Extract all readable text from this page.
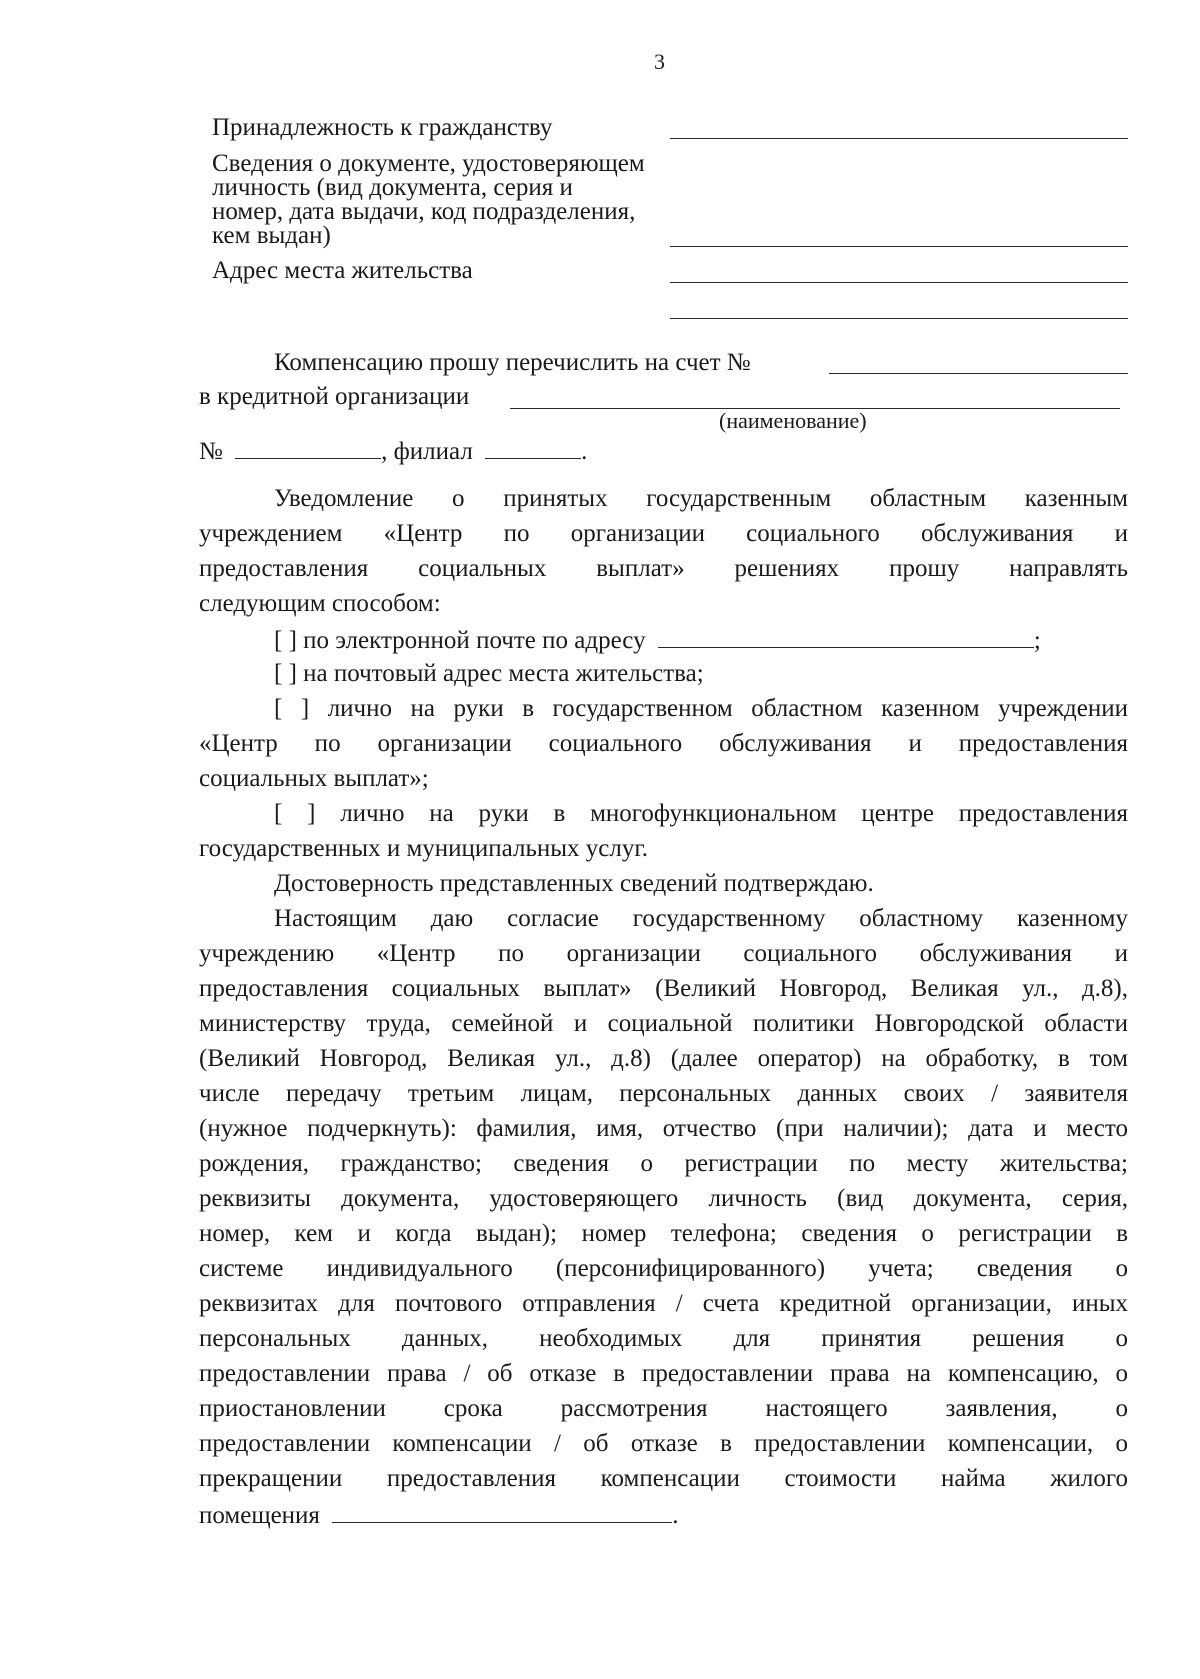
3
Принадлежность к гражданству
Сведения о документе, удостоверяющем
личность (вид документа, серия и
номер, дата выдачи, код подразделения,
кем выдан)
Адрес места жительства
Компенсацию прошу перечислить на счет №
в кредитной организации
(наименование)
№	, филиал	.
Уведомление о принятых государственным областным казенным
учреждением «Центр по организации социального обслуживания и
предоставления социальных выплат» решениях прошу направлять
следующим способом:
[ ] по электронной почте по адресу	;
[ ] на почтовый адрес места жительства;
[ ] лично на руки в государственном областном казенном учреждении
«Центр по организации социального обслуживания и предоставления
социальных выплат»;
[ ] лично на руки в многофункциональном центре предоставления
государственных и муниципальных услуг.
Достоверность представленных сведений подтверждаю.
Настоящим даю согласие государственному областному казенному
учреждению «Центр по организации социального обслуживания и
предоставления социальных выплат» (Великий Новгород, Великая ул., д.8),
министерству труда, семейной и социальной политики Новгородской области
(Великий Новгород, Великая ул., д.8) (далее оператор) на обработку, в том
числе передачу третьим лицам, персональных данных своих / заявителя
(нужное подчеркнуть): фамилия, имя, отчество (при наличии); дата и место
рождения, гражданство; сведения о регистрации по месту жительства;
реквизиты документа, удостоверяющего личность (вид документа, серия,
номер, кем и когда выдан); номер телефона; сведения о регистрации в
системе индивидуального (персонифицированного) учета; сведения о
реквизитах для почтового отправления / счета кредитной организации, иных
персональных данных, необходимых для принятия решения о
предоставлении права / об отказе в предоставлении права на компенсацию, о
приостановлении срока рассмотрения настоящего заявления, о
предоставлении компенсации / об отказе в предоставлении компенсации, о
прекращении предоставления компенсации стоимости найма жилого
помещения	.
